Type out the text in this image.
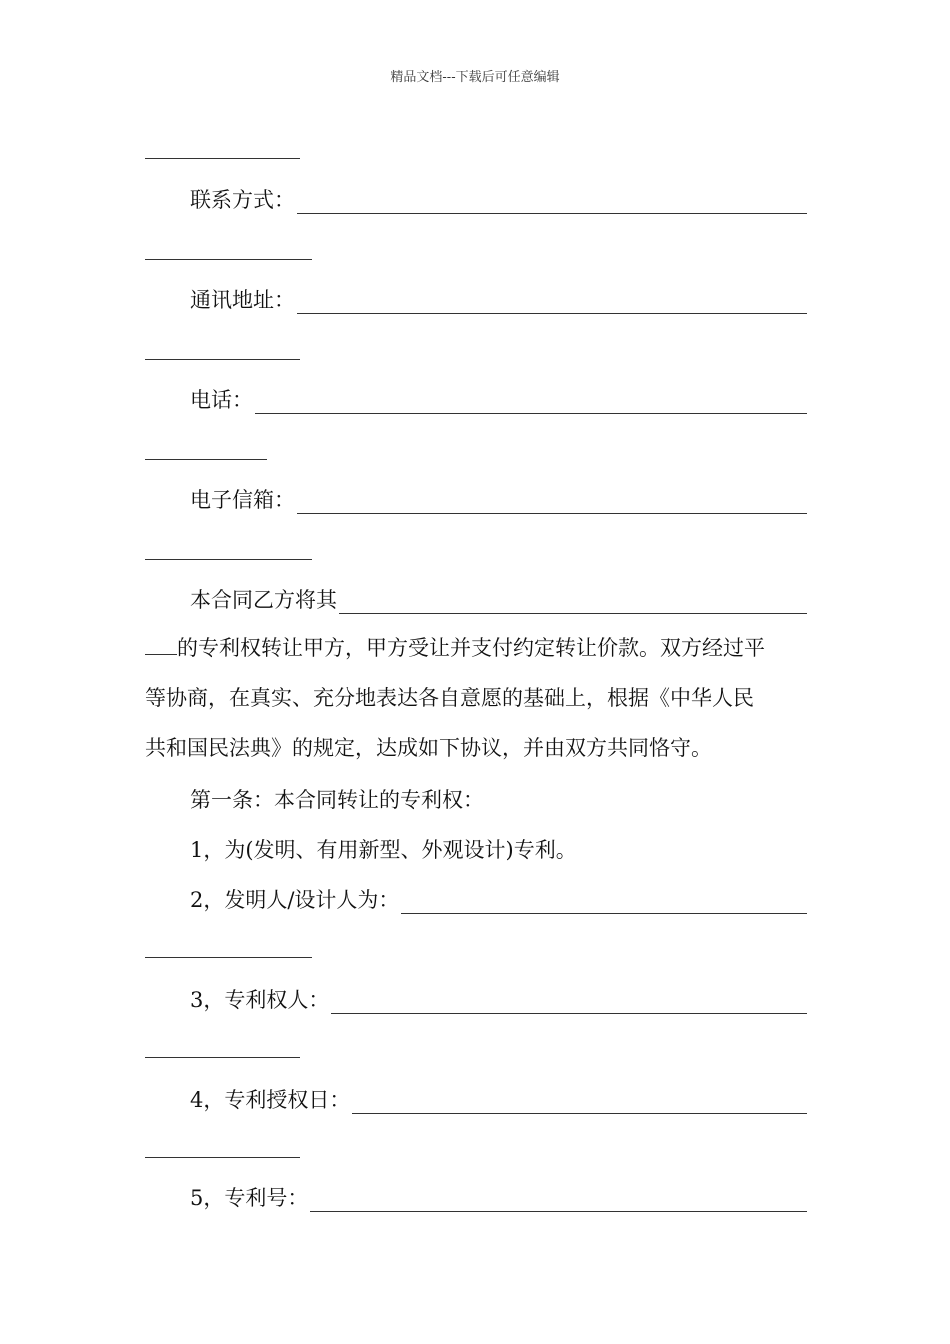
精品文档---下载后可任意编辑
联系方式：
通讯地址：
电话：
电子信箱：
本合同乙方将其
的专利权转让甲方，甲方受让并支付约定转让价款。双方经过平
等协商，在真实、充分地表达各自意愿的基础上，根据《中华人民
共和国民法典》的规定，达成如下协议，并由双方共同恪守。
第一条：本合同转让的专利权：
1，为(发明、有用新型、外观设计)专利。
2，发明人/设计人为：
3，专利权人：
4，专利授权日：
5，专利号：
